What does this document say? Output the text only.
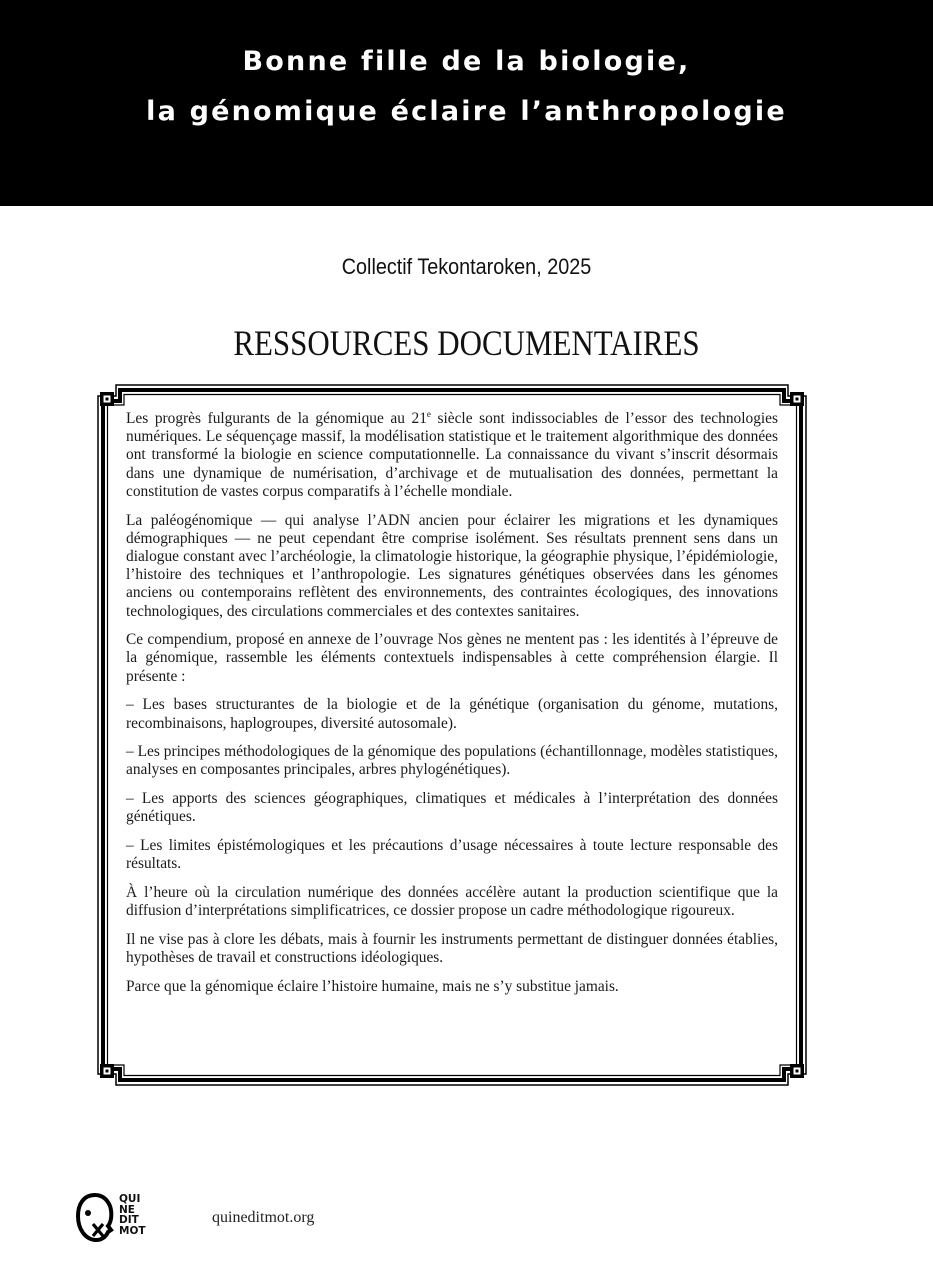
Bonne fille de la biologie,
la génomique éclaire l’anthropologie
Collectif Tekontaroken, 2025
RESSOURCES DOCUMENTAIRES

Les progrès fulgurants de la génomique au 21e siècle sont indissociables de l’essor des technologies numériques. Le séquençage massif, la modélisation statistique et le traitement algorithmique des données ont transformé la biologie en science computationnelle. La connaissance du vivant s’inscrit désormais dans une dynamique de numérisation, d’archivage et de mutualisation des données, permettant la constitution de vastes corpus comparatifs à l’échelle mondiale.

La paléogénomique — qui analyse l’ADN ancien pour éclairer les migrations et les dynamiques démographiques — ne peut cependant être comprise isolément. Ses résultats prennent sens dans un dialogue constant avec l’archéologie, la climatologie historique, la géographie physique, l’épidémiologie, l’histoire des techniques et l’anthropologie. Les signatures génétiques observées dans les génomes anciens ou contemporains reflètent des environnements, des contraintes écologiques, des innovations technologiques, des circulations commerciales et des contextes sanitaires.

Ce compendium, proposé en annexe de l’ouvrage Nos gènes ne mentent pas : les identités à l’épreuve de la génomique, rassemble les éléments contextuels indispensables à cette compréhension élargie. Il présente :

– Les bases structurantes de la biologie et de la génétique (organisation du génome, mutations, recombinaisons, haplogroupes, diversité autosomale).

– Les principes méthodologiques de la génomique des populations (échantillonnage, modèles statistiques, analyses en composantes principales, arbres phylogénétiques).

– Les apports des sciences géographiques, climatiques et médicales à l’interprétation des données génétiques.

– Les limites épistémologiques et les précautions d’usage nécessaires à toute lecture responsable des résultats.

À l’heure où la circulation numérique des données accélère autant la production scientifique que la diffusion d’interprétations simplificatrices, ce dossier propose un cadre méthodologique rigoureux.

Il ne vise pas à clore les débats, mais à fournir les instruments permettant de distinguer données établies, hypothèses de travail et constructions idéologiques.

Parce que la génomique éclaire l’histoire humaine, mais ne s’y substitue jamais.

QUI
NE
DIT
MOT
quineditmot.org
